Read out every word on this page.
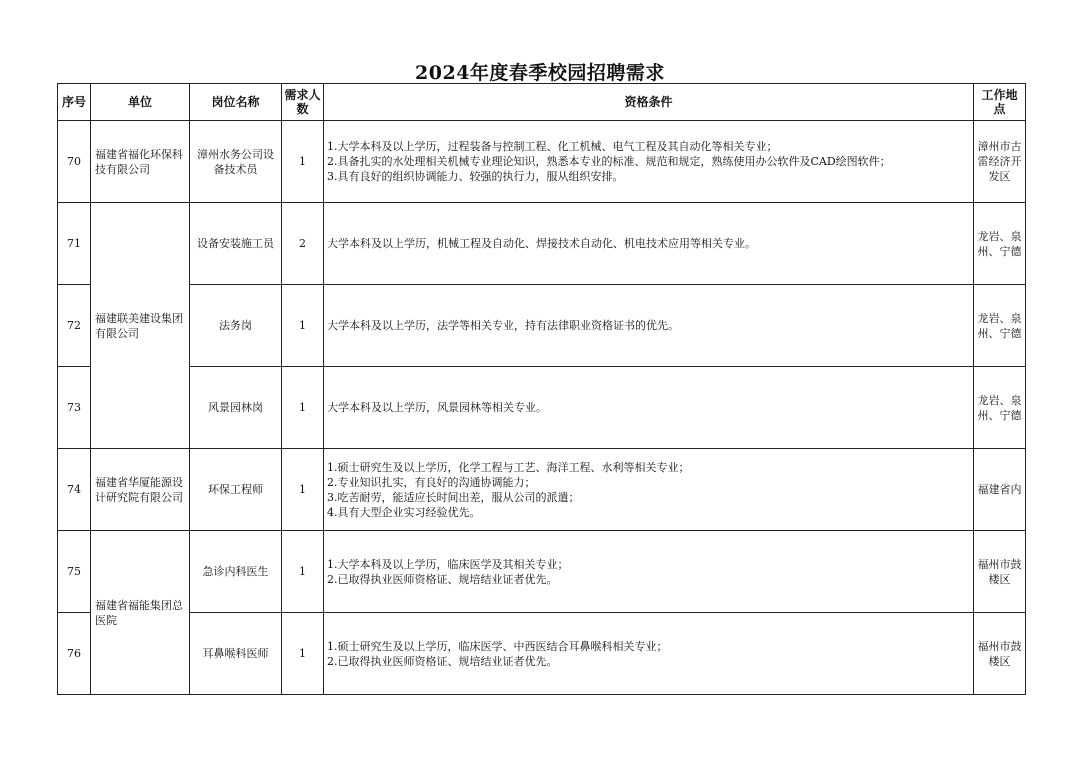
2024年度春季校园招聘需求
序号	单位	岗位名称	需求人数	资格条件	工作地点
70	福建省福化环保科技有限公司	漳州水务公司设备技术员	1	1.大学本科及以上学历，过程装备与控制工程、化工机械、电气工程及其自动化等相关专业；
2.具备扎实的水处理相关机械专业理论知识，熟悉本专业的标准、规范和规定，熟练使用办公软件及CAD绘图软件；
3.具有良好的组织协调能力、较强的执行力，服从组织安排。	漳州市古雷经济开发区
71	福建联美建设集团有限公司	设备安装施工员	2	大学本科及以上学历，机械工程及自动化、焊接技术自动化、机电技术应用等相关专业。	龙岩、泉州、宁德
72		法务岗	1	大学本科及以上学历，法学等相关专业，持有法律职业资格证书的优先。	龙岩、泉州、宁德
73		风景园林岗	1	大学本科及以上学历，风景园林等相关专业。	龙岩、泉州、宁德
74	福建省华厦能源设计研究院有限公司	环保工程师	1	1.硕士研究生及以上学历，化学工程与工艺、海洋工程、水利等相关专业；
2.专业知识扎实，有良好的沟通协调能力；
3.吃苦耐劳，能适应长时间出差，服从公司的派遣；
4.具有大型企业实习经验优先。	福建省内
75	福建省福能集团总医院	急诊内科医生	1	1.大学本科及以上学历，临床医学及其相关专业；
2.已取得执业医师资格证、规培结业证者优先。	福州市鼓楼区
76		耳鼻喉科医师	1	1.硕士研究生及以上学历，临床医学、中西医结合耳鼻喉科相关专业；
2.已取得执业医师资格证、规培结业证者优先。	福州市鼓楼区
